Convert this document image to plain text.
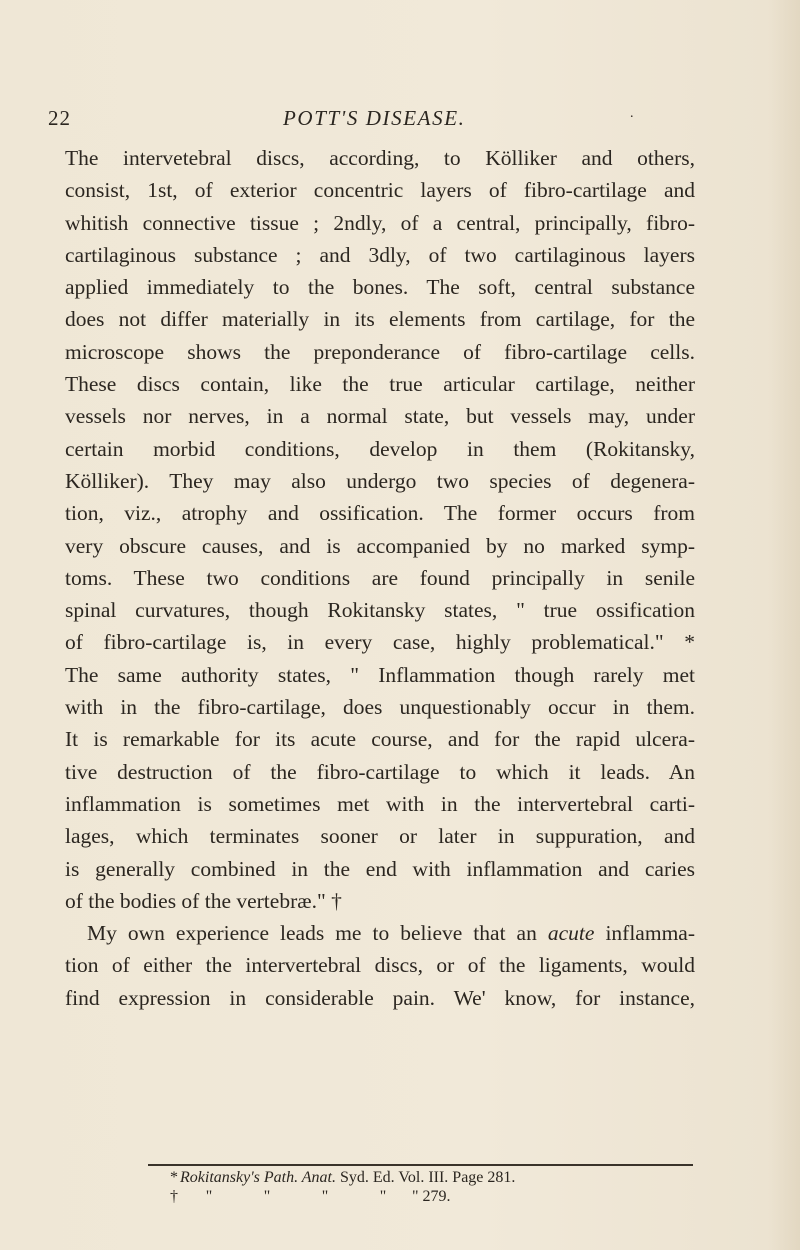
22	POTT'S DISEASE.	.
The intervetebral discs, according, to Kölliker and others,
consist, 1st, of exterior concentric layers of fibro-cartilage and
whitish connective tissue ; 2ndly, of a central, principally, fibro-
cartilaginous substance ; and 3dly, of two cartilaginous layers
applied immediately to the bones. The soft, central substance
does not differ materially in its elements from cartilage, for the
microscope shows the preponderance of fibro-cartilage cells.
These discs contain, like the true articular cartilage, neither
vessels nor nerves, in a normal state, but vessels may, under
certain morbid conditions, develop in them (Rokitansky,
Kölliker). They may also undergo two species of degenera-
tion, viz., atrophy and ossification. The former occurs from
very obscure causes, and is accompanied by no marked symp-
toms. These two conditions are found principally in senile
spinal curvatures, though Rokitansky states, " true ossification
of fibro-cartilage is, in every case, highly problematical." *
The same authority states, " Inflammation though rarely met
with in the fibro-cartilage, does unquestionably occur in them.
It is remarkable for its acute course, and for the rapid ulcera-
tive destruction of the fibro-cartilage to which it leads. An
inflammation is sometimes met with in the intervertebral carti-
lages, which terminates sooner or later in suppuration, and
is generally combined in the end with inflammation and caries
of the bodies of the vertebræ." †
My own experience leads me to believe that an acute inflamma-
tion of either the intervertebral discs, or of the ligaments, would
find expression in considerable pain. We' know, for instance,
* Rokitansky's Path. Anat. Syd. Ed. Vol. III. Page 281.
† "	"	"	" " 279.
